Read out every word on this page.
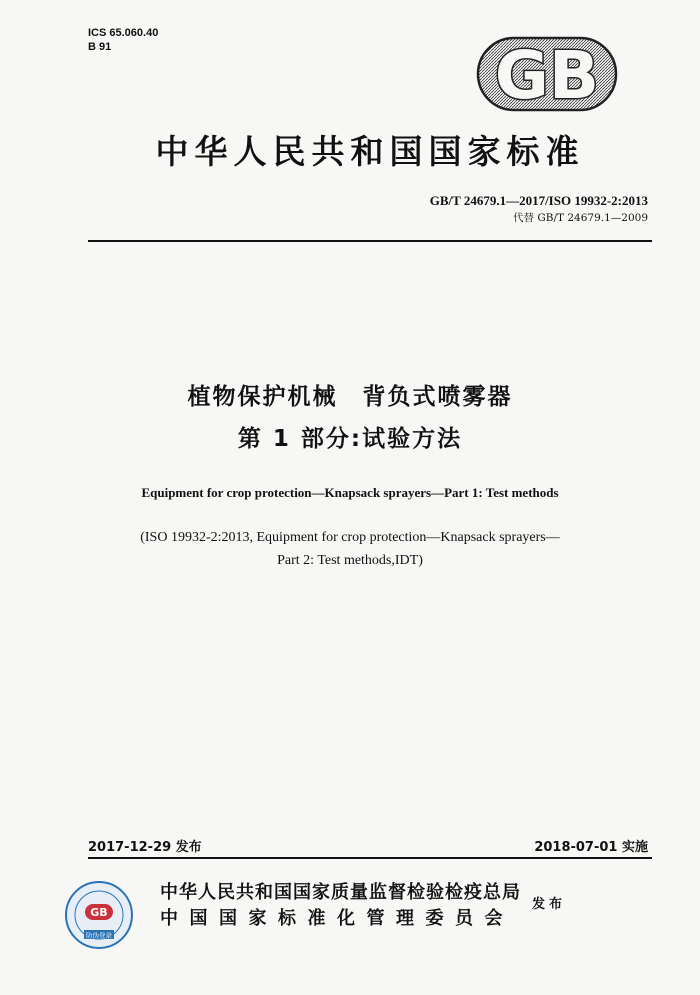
ICS 65.060.40
B 91	GB
中华人民共和国国家标准
GB/T 24679.1—2017/ISO 19932-2:2013
代替 GB/T 24679.1—2009
植物保护机械　背负式喷雾器
第 1 部分:试验方法
Equipment for crop protection—Knapsack sprayers—Part 1: Test methods
(ISO 19932-2:2013, Equipment for crop protection—Knapsack sprayers—
Part 2: Test methods,IDT)
2017-12-29 发布	2018-07-01 实施
GB
防伪登录
中华人民共和国国家质量监督检验检疫总局
中国国家标准化管理委员会
发布
